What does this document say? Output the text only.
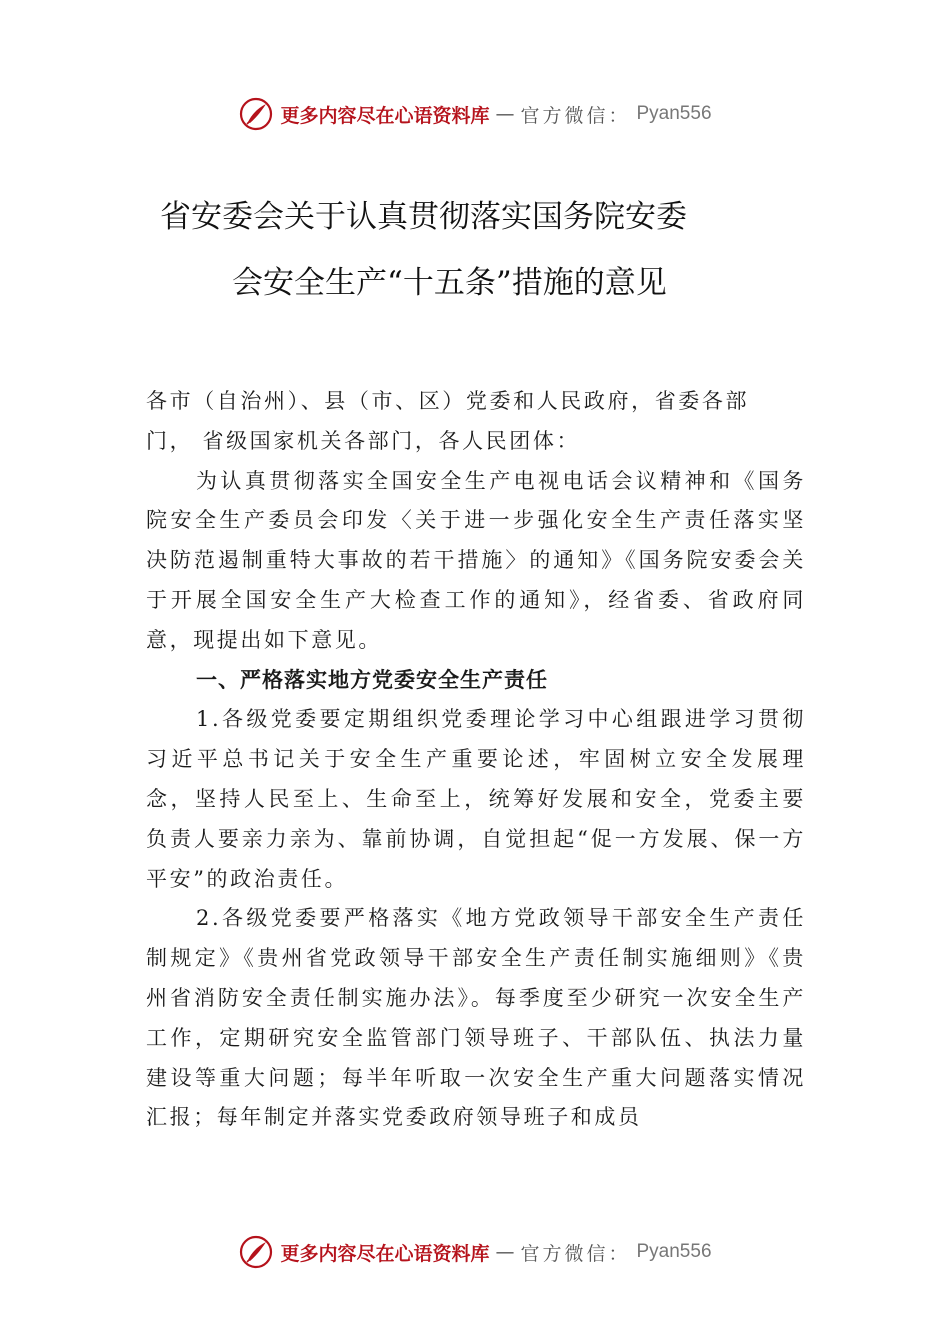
更多内容尽在心语资料库 — 官方微信： Pyan556
省安委会关于认真贯彻落实国务院安委
会安全生产“十五条”措施的意见

各市（自治州）、县（市、区）党委和人民政府，省委各部

门， 省级国家机关各部门，各人民团体：

为认真贯彻落实全国安全生产电视电话会议精神和《国务院安全生产委员会印发〈关于进一步强化安全生产责任落实坚决防范遏制重特大事故的若干措施〉的通知》《国务院安委会关于开展全国安全生产大检查工作的通知》，经省委、省政府同意，现提出如下意见。

一、严格落实地方党委安全生产责任

1.各级党委要定期组织党委理论学习中心组跟进学习贯彻习近平总书记关于安全生产重要论述，牢固树立安全发展理念，坚持人民至上、生命至上，统筹好发展和安全，党委主要负责人要亲力亲为、靠前协调，自觉担起“促一方发展、保一方平安”的政治责任。

2.各级党委要严格落实《地方党政领导干部安全生产责任制规定》《贵州省党政领导干部安全生产责任制实施细则》《贵州省消防安全责任制实施办法》。每季度至少研究一次安全生产工作，定期研究安全监管部门领导班子、干部队伍、执法力量建设等重大问题；每半年听取一次安全生产重大问题落实情况汇报；每年制定并落实党委政府领导班子和成员

更多内容尽在心语资料库 — 官方微信： Pyan556
